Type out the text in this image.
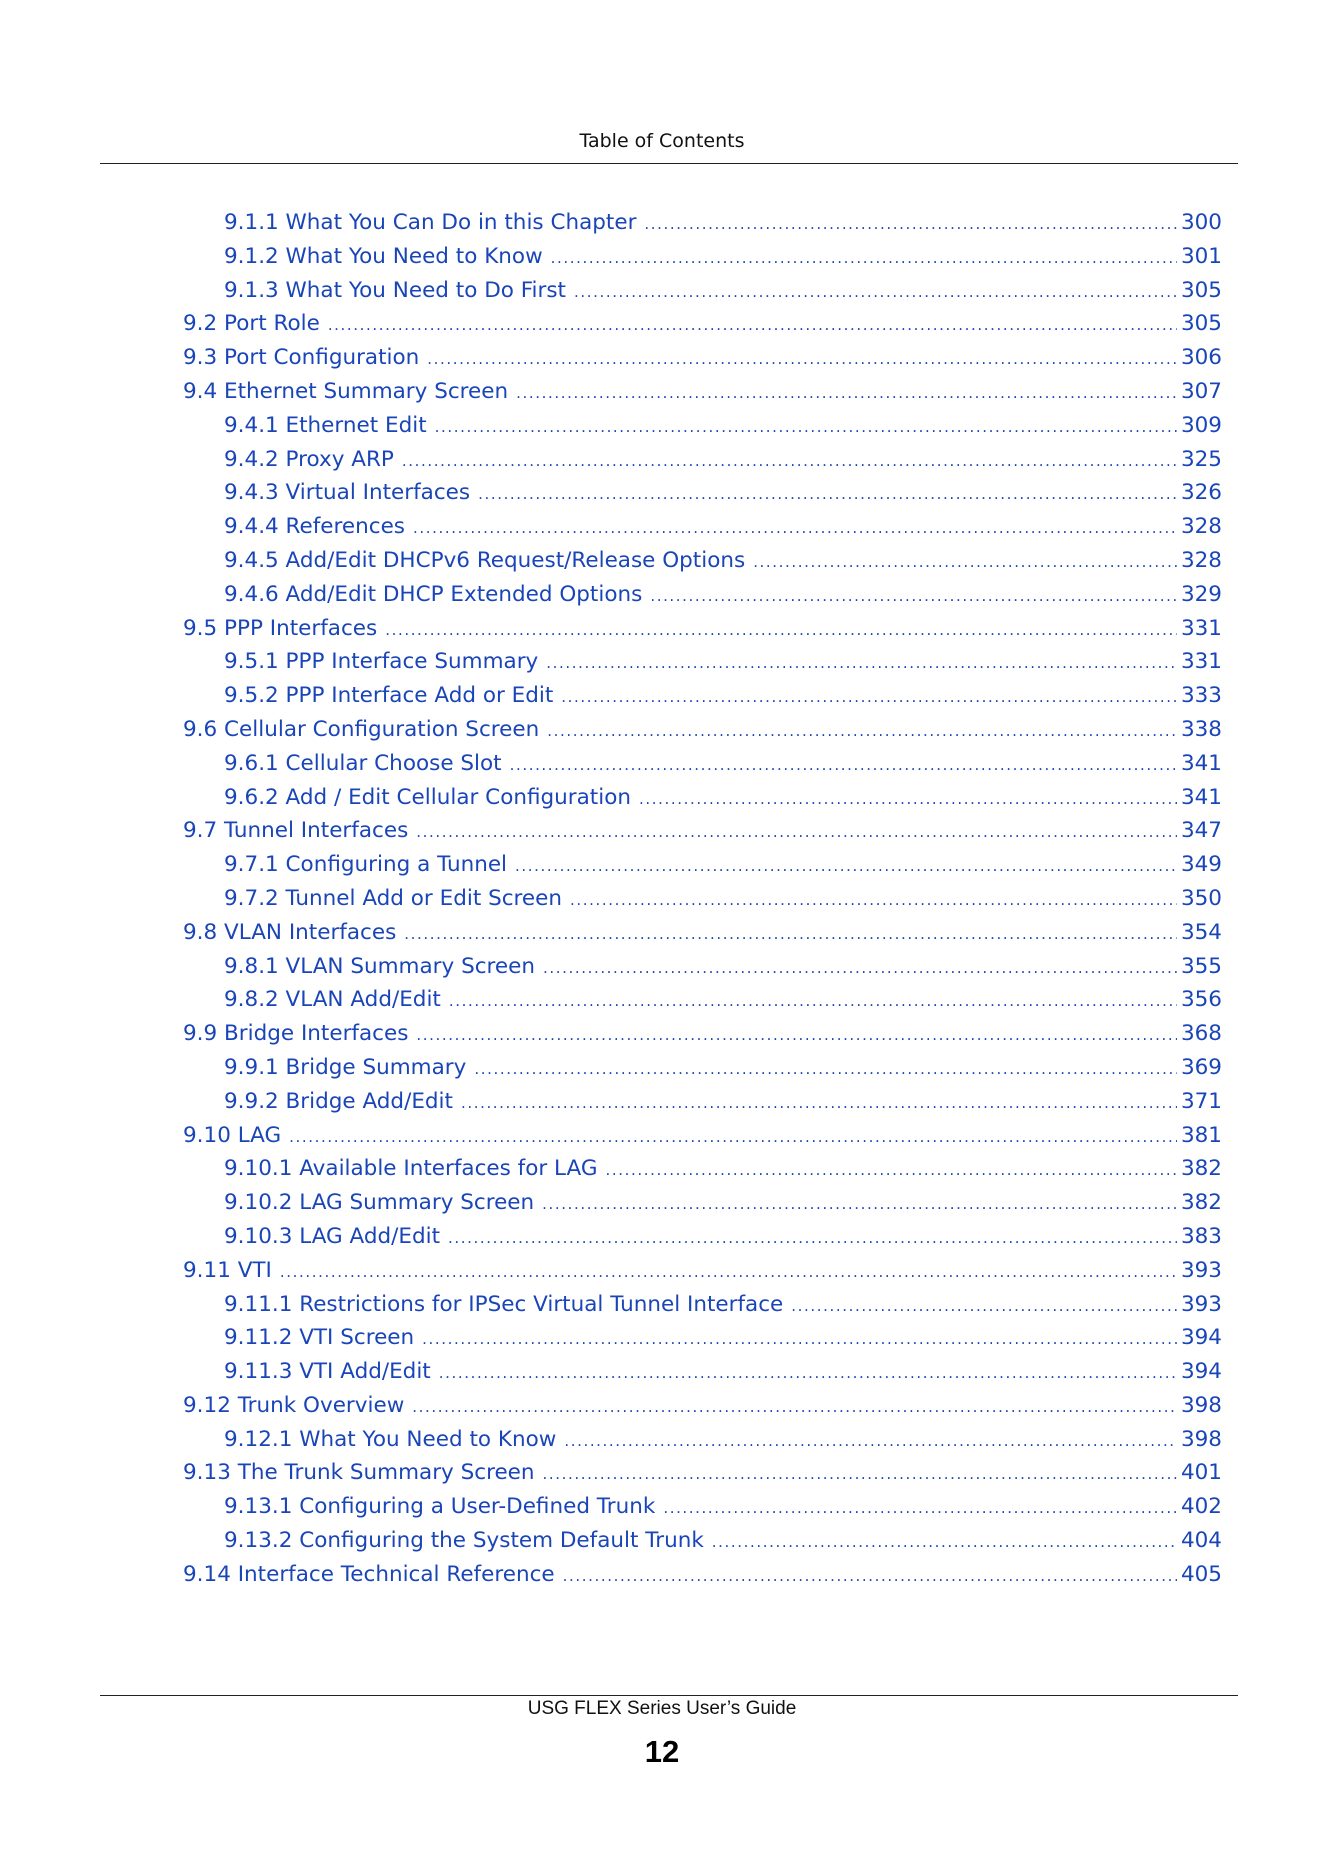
Table of Contents
9.1.1 What You Can Do in this Chapter .....	300
9.1.2 What You Need to Know .....	301
9.1.3 What You Need to Do First .....	305
9.2 Port Role .....	305
9.3 Port Configuration .....	306
9.4 Ethernet Summary Screen .....	307
9.4.1 Ethernet Edit .....	309
9.4.2 Proxy ARP .....	325
9.4.3 Virtual Interfaces .....	326
9.4.4 References .....	328
9.4.5 Add/Edit DHCPv6 Request/Release Options .....	328
9.4.6 Add/Edit DHCP Extended Options .....	329
9.5 PPP Interfaces .....	331
9.5.1 PPP Interface Summary .....	331
9.5.2 PPP Interface Add or Edit .....	333
9.6 Cellular Configuration Screen .....	338
9.6.1 Cellular Choose Slot .....	341
9.6.2 Add / Edit Cellular Configuration .....	341
9.7 Tunnel Interfaces .....	347
9.7.1 Configuring a Tunnel .....	349
9.7.2 Tunnel Add or Edit Screen .....	350
9.8 VLAN Interfaces .....	354
9.8.1 VLAN Summary Screen .....	355
9.8.2 VLAN Add/Edit .....	356
9.9 Bridge Interfaces .....	368
9.9.1 Bridge Summary .....	369
9.9.2 Bridge Add/Edit .....	371
9.10 LAG .....	381
9.10.1 Available Interfaces for LAG .....	382
9.10.2 LAG Summary Screen .....	382
9.10.3 LAG Add/Edit .....	383
9.11 VTI .....	393
9.11.1 Restrictions for IPSec Virtual Tunnel Interface .....	393
9.11.2 VTI Screen .....	394
9.11.3 VTI Add/Edit .....	394
9.12 Trunk Overview .....	398
9.12.1 What You Need to Know .....	398
9.13 The Trunk Summary Screen .....	401
9.13.1 Configuring a User-Defined Trunk .....	402
9.13.2 Configuring the System Default Trunk .....	404
9.14 Interface Technical Reference .....	405
USG FLEX Series User’s Guide
12
